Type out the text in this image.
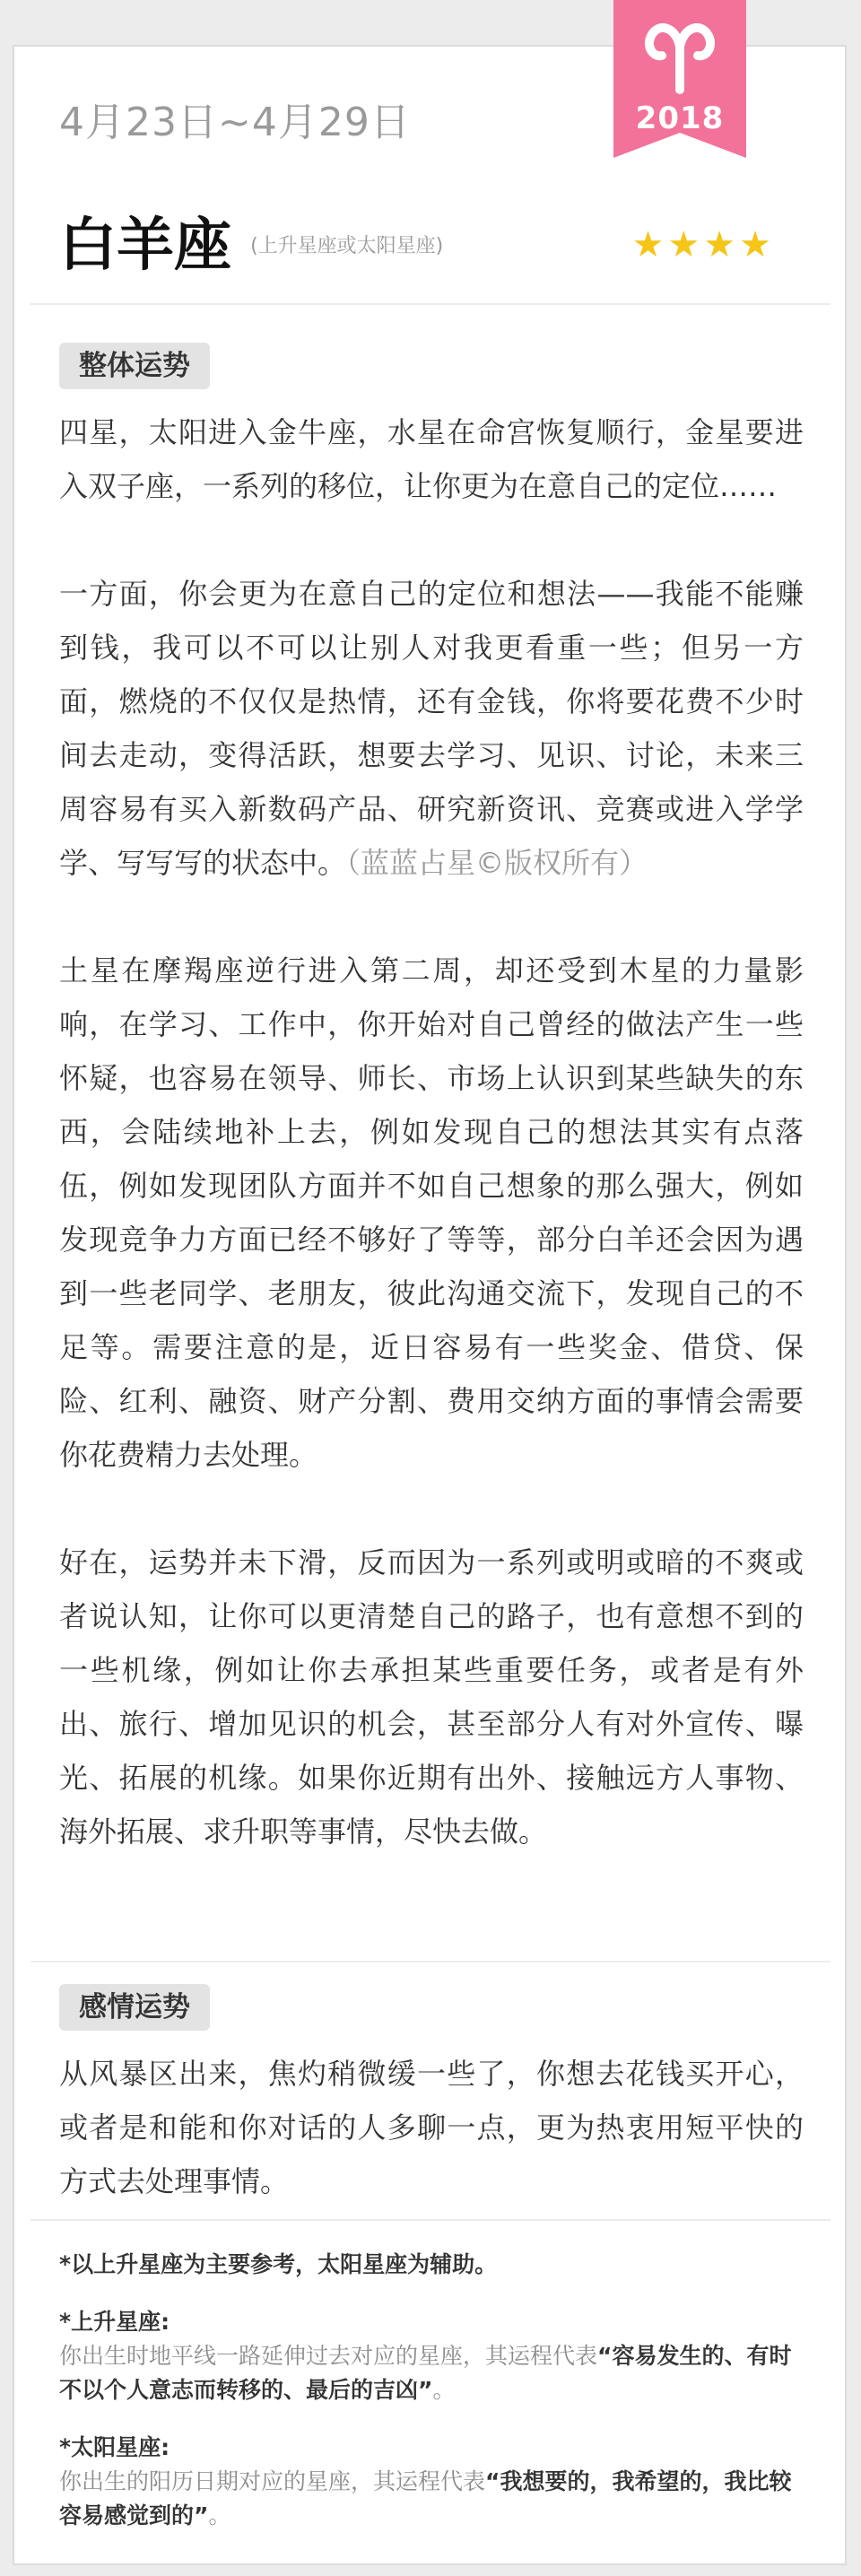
2018
4月23日~4月29日
白羊座 (上升星座或太阳星座)	★★★★
整体运势

四星，太阳进入金牛座，水星在命宫恢复顺行，金星要进入双子座，一系列的移位，让你更为在意自己的定位……

一方面，你会更为在意自己的定位和想法——我能不能赚到钱，我可以不可以让别人对我更看重一些；但另一方面，燃烧的不仅仅是热情，还有金钱，你将要花费不少时间去走动，变得活跃，想要去学习、见识、讨论，未来三周容易有买入新数码产品、研究新资讯、竞赛或进入学学学、写写写的状态中。（蓝蓝占星©版权所有）

土星在摩羯座逆行进入第二周，却还受到木星的力量影响，在学习、工作中，你开始对自己曾经的做法产生一些怀疑，也容易在领导、师长、市场上认识到某些缺失的东西，会陆续地补上去，例如发现自己的想法其实有点落伍，例如发现团队方面并不如自己想象的那么强大，例如发现竞争力方面已经不够好了等等，部分白羊还会因为遇到一些老同学、老朋友，彼此沟通交流下，发现自己的不足等。需要注意的是，近日容易有一些奖金、借贷、保险、红利、融资、财产分割、费用交纳方面的事情会需要你花费精力去处理。

好在，运势并未下滑，反而因为一系列或明或暗的不爽或者说认知，让你可以更清楚自己的路子，也有意想不到的一些机缘，例如让你去承担某些重要任务，或者是有外出、旅行、增加见识的机会，甚至部分人有对外宣传、曝光、拓展的机缘。如果你近期有出外、接触远方人事物、海外拓展、求升职等事情，尽快去做。

感情运势

从风暴区出来，焦灼稍微缓一些了，你想去花钱买开心，或者是和能和你对话的人多聊一点，更为热衷用短平快的方式去处理事情。

*以上升星座为主要参考，太阳星座为辅助。
*上升星座:
你出生时地平线一路延伸过去对应的星座，其运程代表“容易发生的、有时不以个人意志而转移的、最后的吉凶”。
*太阳星座:
你出生的阳历日期对应的星座，其运程代表“我想要的，我希望的，我比较容易感觉到的”。
